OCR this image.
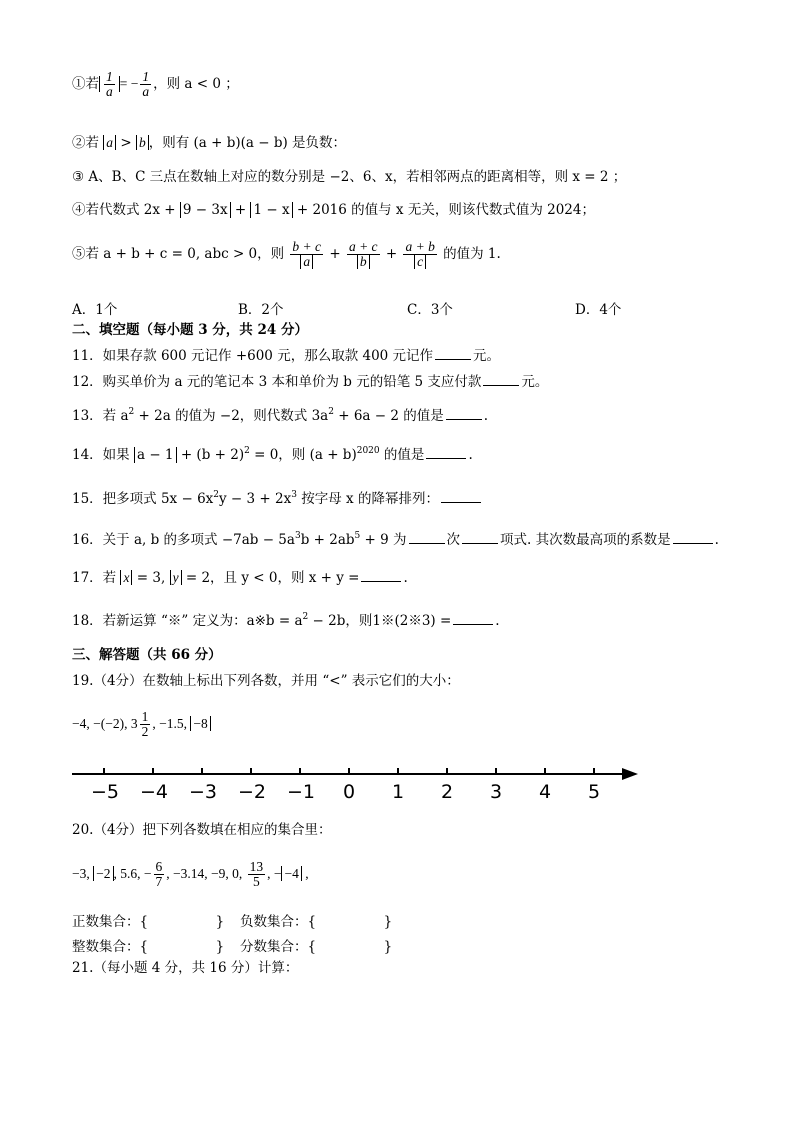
①若 $\frac{1}{a}$ = − $\frac{1}{a}$ ，则 a < 0 ；
②若 a > b ，则有 (a + b)(a − b) 是负数：
③ A、B、C 三点在数轴上对应的数分别是 −2、6、x，若相邻两点的距离相等，则 x = 2 ；
④若代数式 2x + 9 − 3x + 1 − x + 2016 的值与 x 无关，则该代数式值为 2024；
⑤若 a + b + c = 0, abc > 0，则 $\frac{b + c}{a} + \frac{a + c}{b} + \frac{a + b}{c}$ 的值为 1.
A．1个	B．2个	C．3个	D．4个
二、填空题（每小题 3 分，共 24 分）
11．如果存款 600 元记作 +600 元，那么取款 400 元记作	元。
12．购买单价为 a 元的笔记本 3 本和单价为 b 元的铅笔 5 支应付款	元。
13．若 $a^2 + 2a$ 的值为 −2，则代数式 $3a^2 + 6a - 2$ 的值是	.
14．如果 $a - 1 + (b + 2)^2 = 0$，则 $(a + b)^{2020}$ 的值是	.
15．把多项式 $5x - 6x^2y - 3 + 2x^3$ 按字母 x 的降幂排列：
16．关于 a, b 的多项式 $-7ab - 5a^3b + 2ab^5 + 9$ 为	次	项式. 其次数最高项的系数是	.
17．若 x = 3, y = 2，且 y < 0，则 x + y =	.
18．若新运算 “※” 定义为：a※b = $a^2 - 2b$，则1※(2※3) =	.
三、解答题（共 66 分）
19.（4分）在数轴上标出下列各数，并用 “<” 表示它们的大小：
−4, −(−2), $3 \frac{1}{2}$ , −1.5, −8
−5 −4 −3 −2 −1 0 1 2 3 4 5
20.（4分）把下列各数填在相应的集合里：
−3, −2 , 5.6, − $\frac{6}{7}$ , −3.14, −9, 0, $\frac{13}{5}$ , − −4 ,
正数集合：{　　　　　} 负数集合：{　　　　　}
整数集合：{　　　　　} 分数集合：{　　　　　}
21.（每小题 4 分，共 16 分）计算：
